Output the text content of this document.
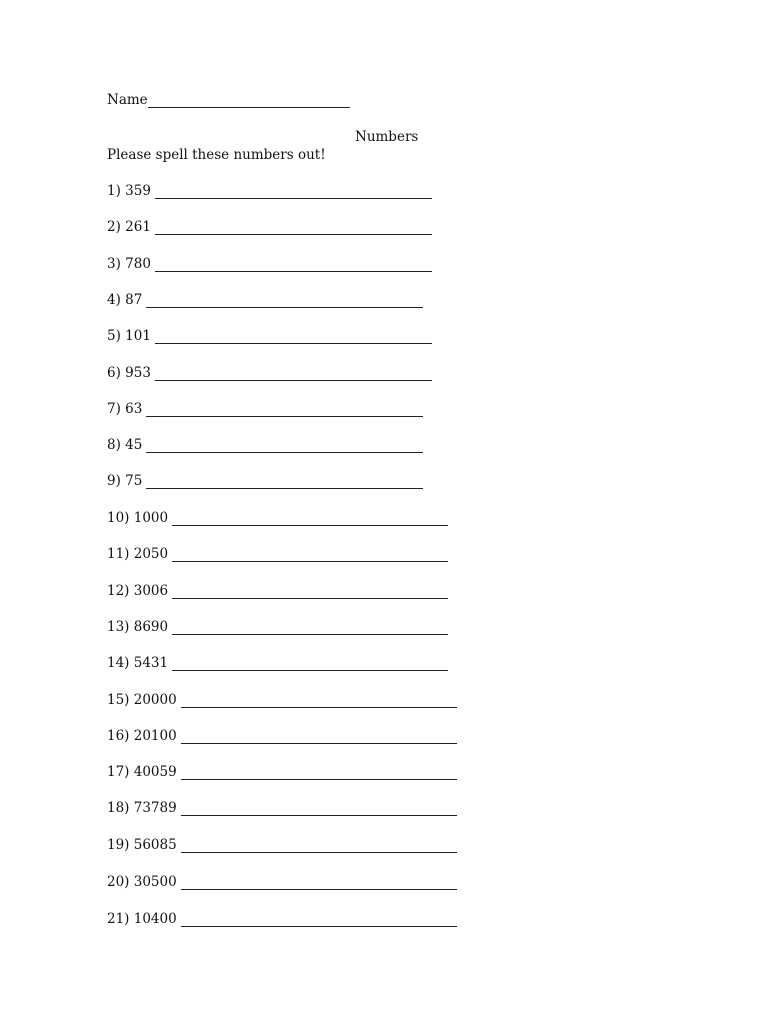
Name
Numbers
Please spell these numbers out!
1) 359
2) 261
3) 780
4) 87
5) 101
6) 953
7) 63
8) 45
9) 75
10) 1000
11) 2050
12) 3006
13) 8690
14) 5431
15) 20000
16) 20100
17) 40059
18) 73789
19) 56085
20) 30500
21) 10400
